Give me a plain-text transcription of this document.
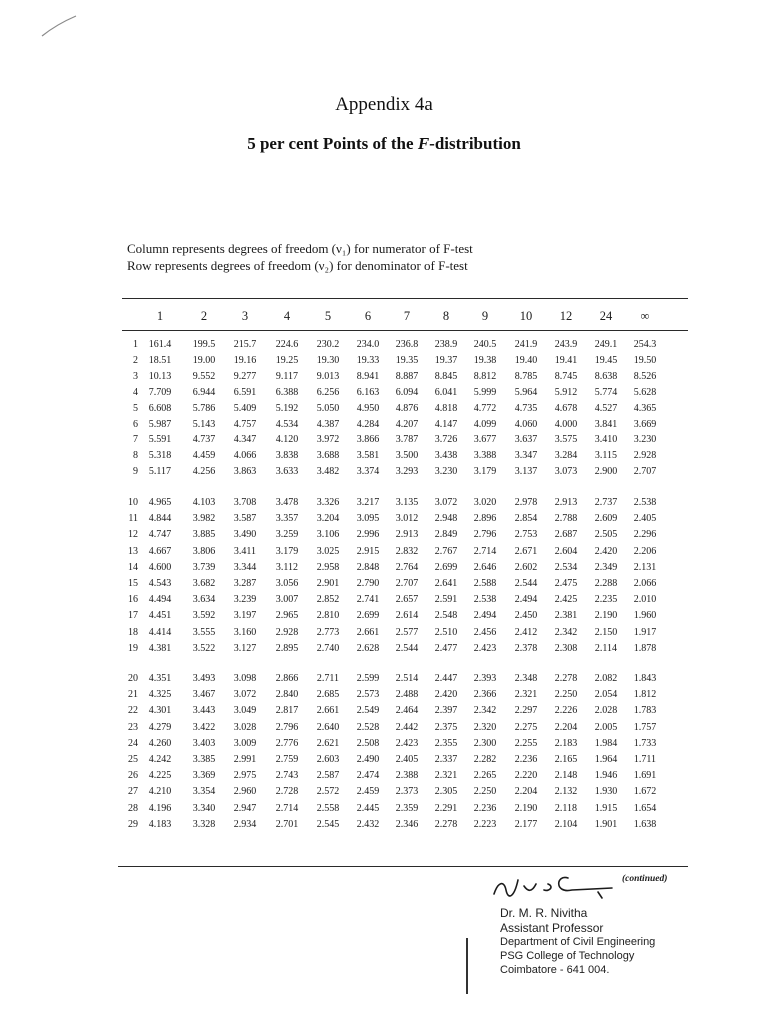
Appendix 4a
5 per cent Points of the F-distribution
Column represents degrees of freedom (ν₁) for numerator of F-test
Row represents degrees of freedom (ν₂) for denominator of F-test
1	2	3	4	5	6	7	8	9	10 12 24 ∞
1 161.4 199.5 215.7 224.6 230.2 234.0 236.8 238.9 240.5 241.9 243.9 249.1 254.3
2 18.51 19.00 19.16 19.25 19.30 19.33 19.35 19.37 19.38 19.40 19.41 19.45 19.50
3 10.13 9.552 9.277 9.117 9.013 8.941 8.887 8.845 8.812 8.785 8.745 8.638 8.526
4 7.709 6.944 6.591 6.388 6.256 6.163 6.094 6.041 5.999 5.964 5.912 5.774 5.628
5 6.608 5.786 5.409 5.192 5.050 4.950 4.876 4.818 4.772 4.735 4.678 4.527 4.365
6 5.987 5.143 4.757 4.534 4.387 4.284 4.207 4.147 4.099 4.060 4.000 3.841 3.669
7 5.591 4.737 4.347 4.120 3.972 3.866 3.787 3.726 3.677 3.637 3.575 3.410 3.230
8 5.318 4.459 4.066 3.838 3.688 3.581 3.500 3.438 3.388 3.347 3.284 3.115 2.928
9 5.117 4.256 3.863 3.633 3.482 3.374 3.293 3.230 3.179 3.137 3.073 2.900 2.707
10 4.965 4.103 3.708 3.478 3.326 3.217 3.135 3.072 3.020 2.978 2.913 2.737 2.538
11 4.844 3.982 3.587 3.357 3.204 3.095 3.012 2.948 2.896 2.854 2.788 2.609 2.405
12 4.747 3.885 3.490 3.259 3.106 2.996 2.913 2.849 2.796 2.753 2.687 2.505 2.296
13 4.667 3.806 3.411 3.179 3.025 2.915 2.832 2.767 2.714 2.671 2.604 2.420 2.206
14 4.600 3.739 3.344 3.112 2.958 2.848 2.764 2.699 2.646 2.602 2.534 2.349 2.131
15 4.543 3.682 3.287 3.056 2.901 2.790 2.707 2.641 2.588 2.544 2.475 2.288 2.066
16 4.494 3.634 3.239 3.007 2.852 2.741 2.657 2.591 2.538 2.494 2.425 2.235 2.010
17 4.451 3.592 3.197 2.965 2.810 2.699 2.614 2.548 2.494 2.450 2.381 2.190 1.960
18 4.414 3.555 3.160 2.928 2.773 2.661 2.577 2.510 2.456 2.412 2.342 2.150 1.917
19 4.381 3.522 3.127 2.895 2.740 2.628 2.544 2.477 2.423 2.378 2.308 2.114 1.878
20 4.351 3.493 3.098 2.866 2.711 2.599 2.514 2.447 2.393 2.348 2.278 2.082 1.843
21 4.325 3.467 3.072 2.840 2.685 2.573 2.488 2.420 2.366 2.321 2.250 2.054 1.812
22 4.301 3.443 3.049 2.817 2.661 2.549 2.464 2.397 2.342 2.297 2.226 2.028 1.783
23 4.279 3.422 3.028 2.796 2.640 2.528 2.442 2.375 2.320 2.275 2.204 2.005 1.757
24 4.260 3.403 3.009 2.776 2.621 2.508 2.423 2.355 2.300 2.255 2.183 1.984 1.733
25 4.242 3.385 2.991 2.759 2.603 2.490 2.405 2.337 2.282 2.236 2.165 1.964 1.711
26 4.225 3.369 2.975 2.743 2.587 2.474 2.388 2.321 2.265 2.220 2.148 1.946 1.691
27 4.210 3.354 2.960 2.728 2.572 2.459 2.373 2.305 2.250 2.204 2.132 1.930 1.672
28 4.196 3.340 2.947 2.714 2.558 2.445 2.359 2.291 2.236 2.190 2.118 1.915 1.654
29 4.183 3.328 2.934 2.701 2.545 2.432 2.346 2.278 2.223 2.177 2.104 1.901 1.638
(continued)
Dr. M. R. Nivitha
Assistant Professor
Department of Civil Engineering
PSG College of Technology
Coimbatore - 641 004.
